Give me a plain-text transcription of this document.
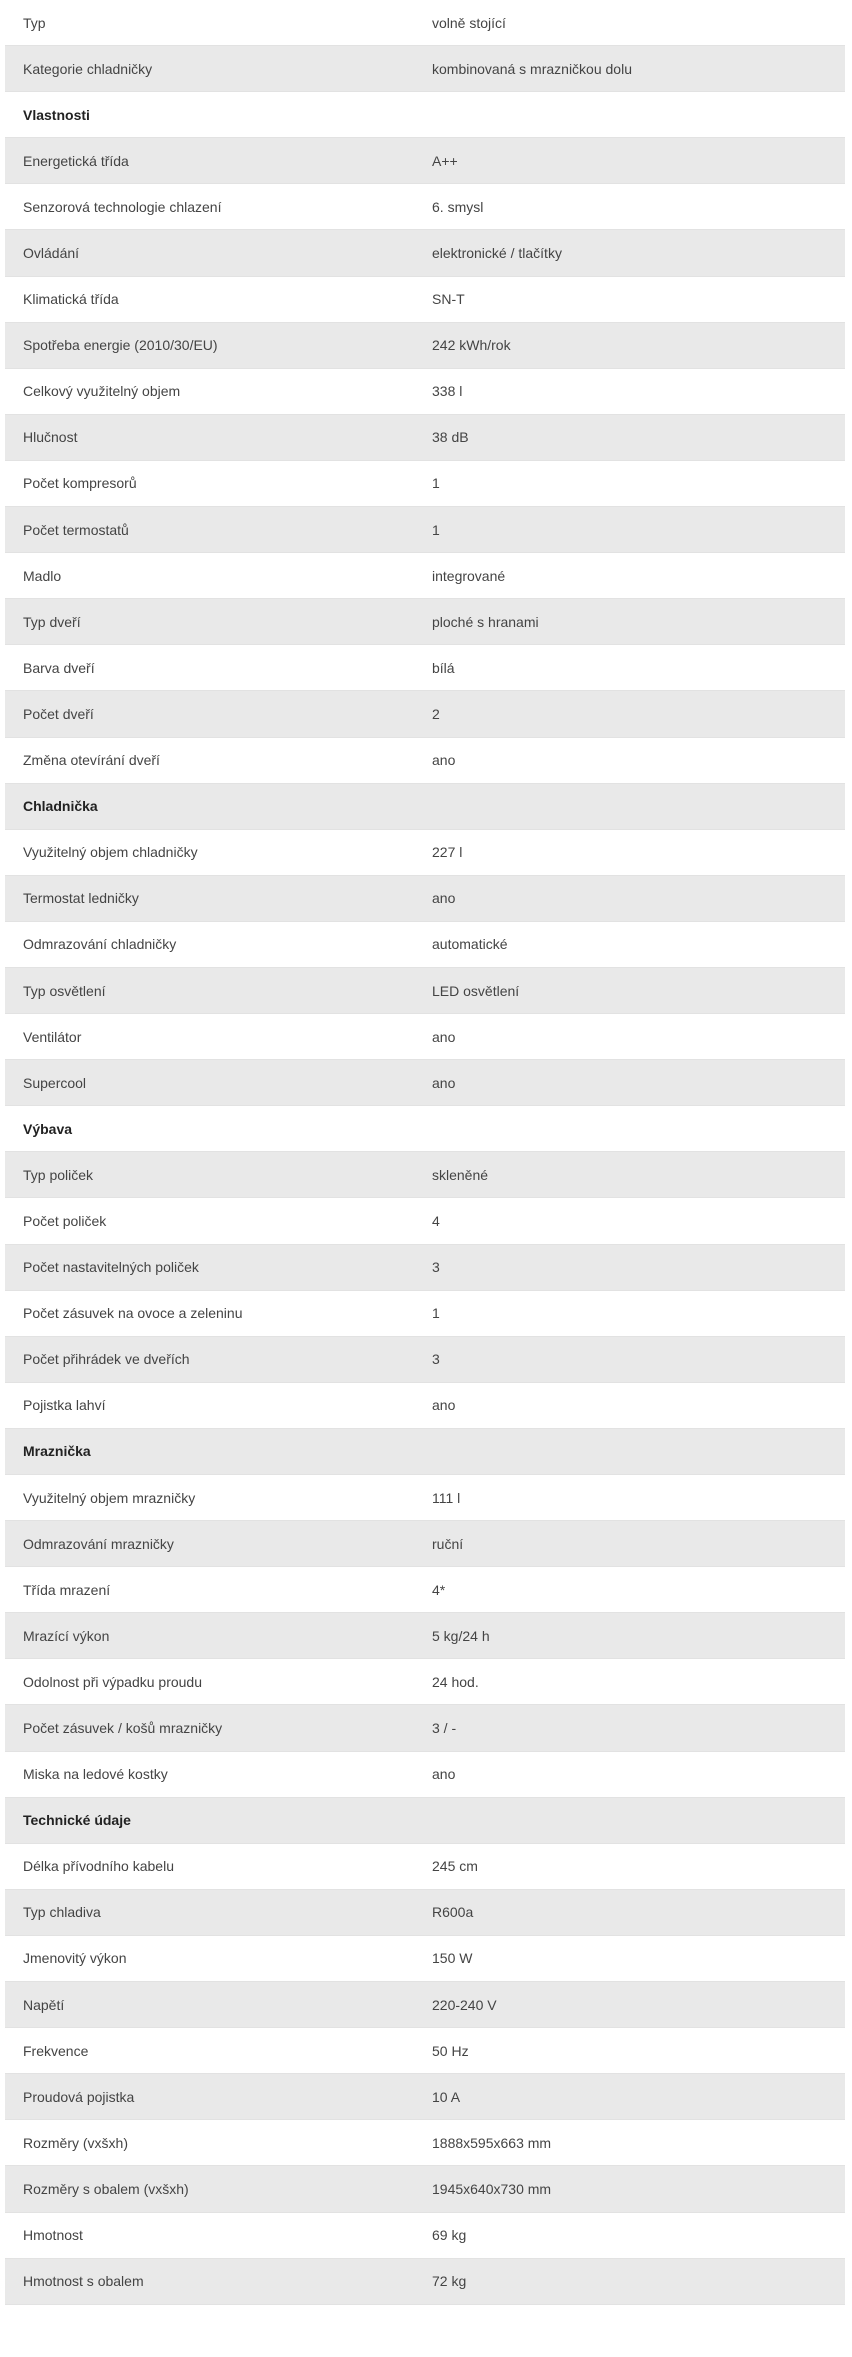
Typ	volně stojící
Kategorie chladničky	kombinovaná s mrazničkou dolu
Vlastnosti
Energetická třída	A++
Senzorová technologie chlazení	6. smysl
Ovládání	elektronické / tlačítky
Klimatická třída	SN-T
Spotřeba energie (2010/30/EU)	242 kWh/rok
Celkový využitelný objem	338 l
Hlučnost	38 dB
Počet kompresorů	1
Počet termostatů	1
Madlo	integrované
Typ dveří	ploché s hranami
Barva dveří	bílá
Počet dveří	2
Změna otevírání dveří	ano
Chladnička
Využitelný objem chladničky	227 l
Termostat ledničky	ano
Odmrazování chladničky	automatické
Typ osvětlení	LED osvětlení
Ventilátor	ano
Supercool	ano
Výbava
Typ poliček	skleněné
Počet poliček	4
Počet nastavitelných poliček	3
Počet zásuvek na ovoce a zeleninu	1
Počet přihrádek ve dveřích	3
Pojistka lahví	ano
Mraznička
Využitelný objem mrazničky	111 l
Odmrazování mrazničky	ruční
Třída mrazení	4*
Mrazící výkon	5 kg/24 h
Odolnost při výpadku proudu	24 hod.
Počet zásuvek / košů mrazničky	3 / -
Miska na ledové kostky	ano
Technické údaje
Délka přívodního kabelu	245 cm
Typ chladiva	R600a
Jmenovitý výkon	150 W
Napětí	220-240 V
Frekvence	50 Hz
Proudová pojistka	10 A
Rozměry (vxšxh)	1888x595x663 mm
Rozměry s obalem (vxšxh)	1945x640x730 mm
Hmotnost	69 kg
Hmotnost s obalem	72 kg
